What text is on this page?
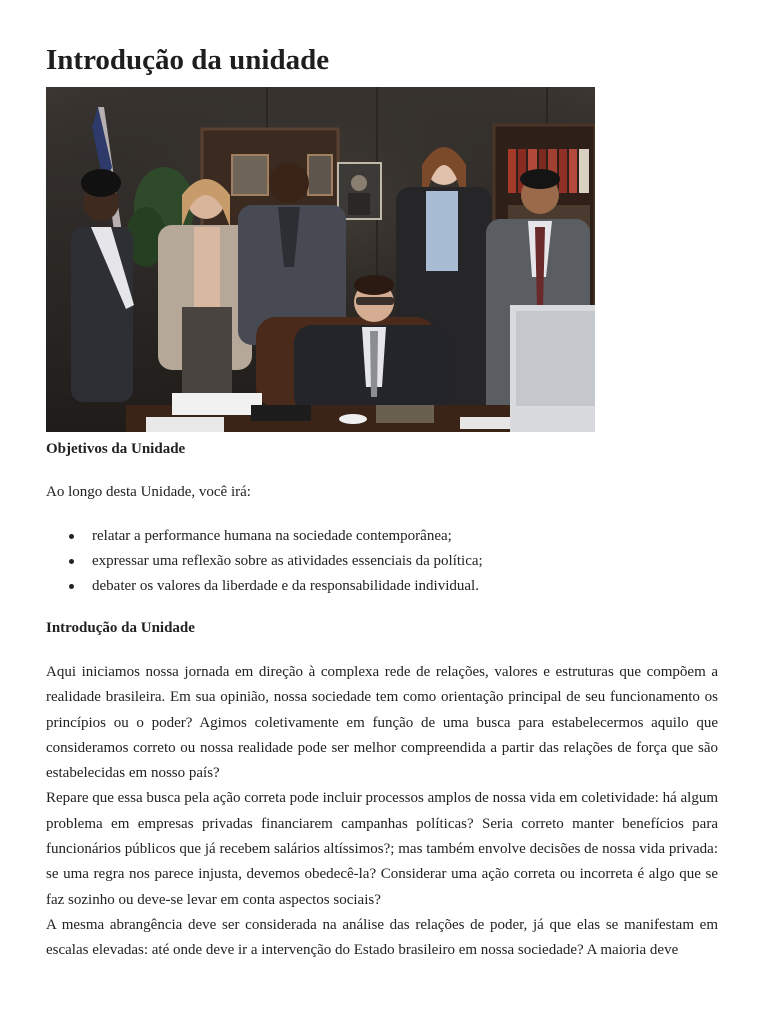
Introdução da unidade
Objetivos da Unidade
Ao longo desta Unidade, você irá:
relatar a performance humana na sociedade contemporânea;
expressar uma reflexão sobre as atividades essenciais da política;
debater os valores da liberdade e da responsabilidade individual.
Introdução da Unidade

Aqui iniciamos nossa jornada em direção à complexa rede de relações, valores e estruturas que compõem a realidade brasileira. Em sua opinião, nossa sociedade tem como orientação principal de seu funcionamento os princípios ou o poder? Agimos coletivamente em função de uma busca para estabelecermos aquilo que consideramos correto ou nossa realidade pode ser melhor compreendida a partir das relações de força que são estabelecidas em nosso país?

Repare que essa busca pela ação correta pode incluir processos amplos de nossa vida em coletividade: há algum problema em empresas privadas financiarem campanhas políticas? Seria correto manter benefícios para funcionários públicos que já recebem salários altíssimos?; mas também envolve decisões de nossa vida privada: se uma regra nos parece injusta, devemos obedecê-la? Considerar uma ação correta ou incorreta é algo que se faz sozinho ou deve-se levar em conta aspectos sociais?

A mesma abrangência deve ser considerada na análise das relações de poder, já que elas se manifestam em escalas elevadas: até onde deve ir a intervenção do Estado brasileiro em nossa sociedade? A maioria deve
